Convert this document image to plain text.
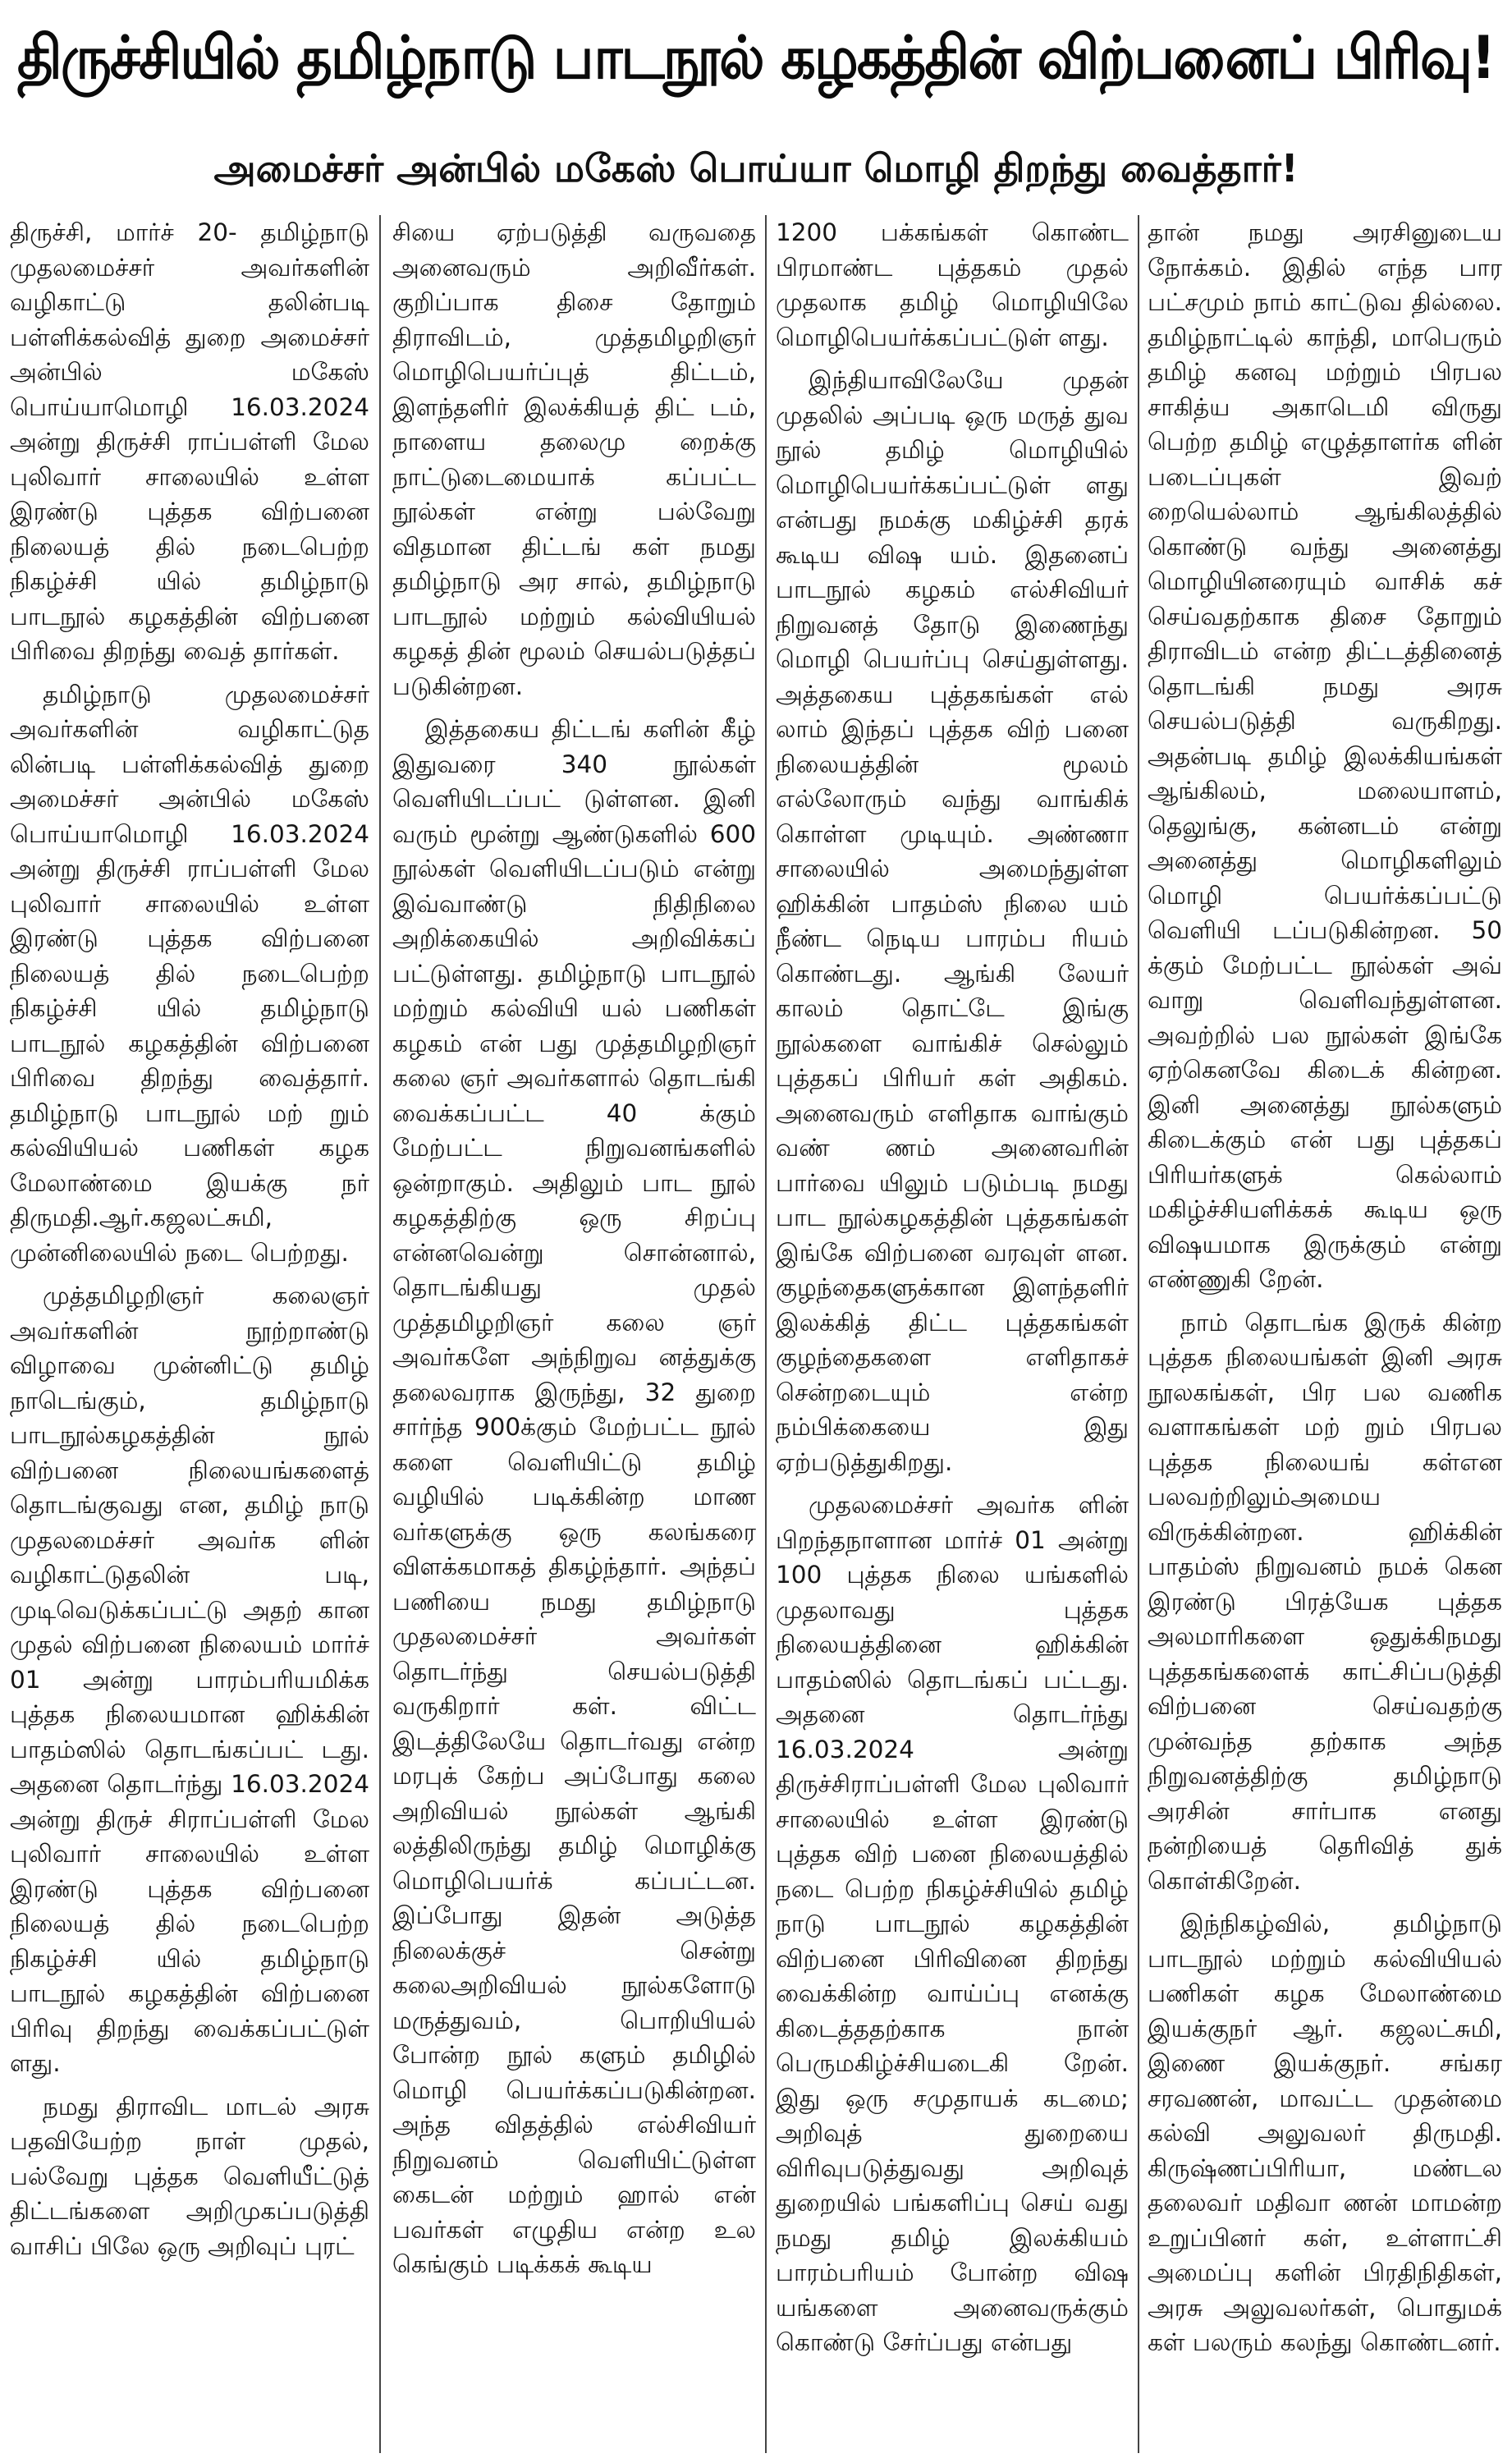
திருச்சியில் தமிழ்நாடு பாடநூல் கழகத்தின் விற்பனைப் பிரிவு!
அமைச்சர் அன்பில் மகேஸ் பொய்யா மொழி திறந்து வைத்தார்!

திருச்சி, மார்ச் 20- தமிழ்நாடு முதலமைச்சர் அவர்களின் வழிகாட்டு தலின்படி பள்ளிக்கல்வித் துறை அமைச்சர் அன்பில் மகேஸ் பொய்யாமொழி 16.03.2024 அன்று திருச்சி ராப்பள்ளி மேல புலிவார் சாலையில் உள்ள இரண்டு புத்தக விற்பனை நிலையத் தில் நடைபெற்ற நிகழ்ச்சி யில் தமிழ்நாடு பாடநூல் கழகத்தின் விற்பனை பிரிவை திறந்து வைத் தார்கள்.

தமிழ்நாடு முதலமைச்சர் அவர்களின் வழிகாட்டுத லின்படி பள்ளிக்கல்வித் துறை அமைச்சர் அன்பில் மகேஸ் பொய்யாமொழி 16.03.2024 அன்று திருச்சி ராப்பள்ளி மேல புலிவார் சாலையில் உள்ள இரண்டு புத்தக விற்பனை நிலையத் தில் நடைபெற்ற நிகழ்ச்சி யில் தமிழ்நாடு பாடநூல் கழகத்தின் விற்பனை பிரிவை திறந்து வைத்தார். தமிழ்நாடு பாடநூல் மற் றும் கல்வியியல் பணிகள் கழக மேலாண்மை இயக்கு நர் திருமதி.ஆர்.கஜலட்சுமி, முன்னிலையில் நடை பெற்றது.

முத்தமிழறிஞர் கலைஞர் அவர்களின் நூற்றாண்டு விழாவை முன்னிட்டு தமிழ் நாடெங்கும், தமிழ்நாடு பாடநூல்கழகத்தின் நூல் விற்பனை நிலையங்களைத் தொடங்குவது என, தமிழ் நாடு முதலமைச்சர் அவர்க ளின் வழிகாட்டுதலின் படி, முடிவெடுக்கப்பட்டு அதற் கான முதல் விற்பனை நிலையம் மார்ச் 01 அன்று பாரம்பரியமிக்க புத்தக நிலையமான ஹிக்கின் பாதம்ஸில் தொடங்கப்பட் டது. அதனை தொடர்ந்து 16.03.2024 அன்று திருச் சிராப்பள்ளி மேல புலிவார் சாலையில் உள்ள இரண்டு புத்தக விற்பனை நிலையத் தில் நடைபெற்ற நிகழ்ச்சி யில் தமிழ்நாடு பாடநூல் கழகத்தின் விற்பனை பிரிவு திறந்து வைக்கப்பட்டுள் ளது.

நமது திராவிட மாடல் அரசு பதவியேற்ற நாள் முதல், பல்வேறு புத்தக வெளியீட்டுத் திட்டங்களை அறிமுகப்படுத்தி வாசிப் பிலே ஒரு அறிவுப் புரட்

சியை ஏற்படுத்தி வருவதை அனைவரும் அறிவீர்கள். குறிப்பாக திசை தோறும் திராவிடம், முத்தமிழறிஞர் மொழிபெயர்ப்புத் திட்டம், இளந்தளிர் இலக்கியத் திட் டம், நாளைய தலைமு றைக்கு நாட்டுடைமையாக் கப்பட்ட நூல்கள் என்று பல்வேறு விதமான திட்டங் கள் நமது தமிழ்நாடு அர சால், தமிழ்நாடு பாடநூல் மற்றும் கல்வியியல் கழகத் தின் மூலம் செயல்படுத்தப் படுகின்றன.

இத்தகைய திட்டங் களின் கீழ் இதுவரை 340 நூல்கள் வெளியிடப்பட் டுள்ளன. இனி வரும் மூன்று ஆண்டுகளில் 600 நூல்கள் வெளியிடப்படும் என்று இவ்வாண்டு நிதிநிலை அறிக்கையில் அறிவிக்கப் பட்டுள்ளது. தமிழ்நாடு பாடநூல் மற்றும் கல்வியி யல் பணிகள் கழகம் என் பது முத்தமிழறிஞர் கலை ஞர் அவர்களால் தொடங்கி வைக்கப்பட்ட 40 க்கும் மேற்பட்ட நிறுவனங்களில் ஒன்றாகும். அதிலும் பாட நூல் கழகத்திற்கு ஒரு சிறப்பு என்னவென்று சொன்னால், தொடங்கியது முதல் முத்தமிழறிஞர் கலை ஞர் அவர்களே அந்நிறுவ னத்துக்கு தலைவராக இருந்து, 32 துறை சார்ந்த 900க்கும் மேற்பட்ட நூல் களை வெளியிட்டு தமிழ் வழியில் படிக்கின்ற மாண வர்களுக்கு ஒரு கலங்கரை விளக்கமாகத் திகழ்ந்தார். அந்தப் பணியை நமது தமிழ்நாடு முதலமைச்சர் அவர்கள் தொடர்ந்து செயல்படுத்தி வருகிறார் கள். விட்ட இடத்திலேயே தொடர்வது என்ற மரபுக் கேற்ப அப்போது கலை அறிவியல் நூல்கள் ஆங்கி லத்திலிருந்து தமிழ் மொழிக்கு மொழிபெயர்க் கப்பட்டன. இப்போது இதன் அடுத்த நிலைக்குச் சென்று கலைஅறிவியல் நூல்களோடு மருத்துவம், பொறியியல் போன்ற நூல் களும் தமிழில் மொழி பெயர்க்கப்படுகின்றன. அந்த விதத்தில் எல்சிவியர் நிறுவனம் வெளியிட்டுள்ள கைடன் மற்றும் ஹால் என் பவர்கள் எழுதிய என்ற உல கெங்கும் படிக்கக் கூடிய

1200 பக்கங்கள் கொண்ட பிரமாண்ட புத்தகம் முதல் முதலாக தமிழ் மொழியிலே மொழிபெயர்க்கப்பட்டுள் ளது.

இந்தியாவிலேயே முதன் முதலில் அப்படி ஒரு மருத் துவ நூல் தமிழ் மொழியில் மொழிபெயர்க்கப்பட்டுள் ளது என்பது நமக்கு மகிழ்ச்சி தரக் கூடிய விஷ யம். இதனைப் பாடநூல் கழகம் எல்சிவியர் நிறுவனத் தோடு இணைந்து மொழி பெயர்ப்பு செய்துள்ளது. அத்தகைய புத்தகங்கள் எல் லாம் இந்தப் புத்தக விற் பனை நிலையத்தின் மூலம் எல்லோரும் வந்து வாங்கிக் கொள்ள முடியும். அண்ணா சாலையில் அமைந்துள்ள ஹிக்கின் பாதம்ஸ் நிலை யம் நீண்ட நெடிய பாரம்ப ரியம் கொண்டது. ஆங்கி லேயர் காலம் தொட்டே இங்கு நூல்களை வாங்கிச் செல்லும் புத்தகப் பிரியர் கள் அதிகம். அனைவரும் எளிதாக வாங்கும் வண் ணம் அனைவரின் பார்வை யிலும் படும்படி நமது பாட நூல்கழகத்தின் புத்தகங்கள் இங்கே விற்பனை வரவுள் ளன. குழந்தைகளுக்கான இளந்தளிர் இலக்கித் திட்ட புத்தகங்கள் குழந்தைகளை எளிதாகச் சென்றடையும் என்ற நம்பிக்கையை இது ஏற்படுத்துகிறது.

முதலமைச்சர் அவர்க ளின் பிறந்தநாளான மார்ச் 01 அன்று 100 புத்தக நிலை யங்களில் முதலாவது புத்தக நிலையத்தினை ஹிக்கின் பாதம்ஸில் தொடங்கப் பட்டது. அதனை தொடர்ந்து 16.03.2024 அன்று திருச்சிராப்பள்ளி மேல புலிவார் சாலையில் உள்ள இரண்டு புத்தக விற் பனை நிலையத்தில் நடை பெற்ற நிகழ்ச்சியில் தமிழ் நாடு பாடநூல் கழகத்தின் விற்பனை பிரிவினை திறந்து வைக்கின்ற வாய்ப்பு எனக்கு கிடைத்ததற்காக நான் பெருமகிழ்ச்சியடைகி றேன். இது ஒரு சமுதாயக் கடமை; அறிவுத் துறையை விரிவுபடுத்துவது அறிவுத் துறையில் பங்களிப்பு செய் வது நமது தமிழ் இலக்கியம் பாரம்பரியம் போன்ற விஷ யங்களை அனைவருக்கும் கொண்டு சேர்ப்பது என்பது

தான் நமது அரசினுடைய நோக்கம். இதில் எந்த பார பட்சமும் நாம் காட்டுவ தில்லை. தமிழ்நாட்டில் காந்தி, மாபெரும் தமிழ் கனவு மற்றும் பிரபல சாகித்ய அகாடெமி விருது பெற்ற தமிழ் எழுத்தாளர்க ளின் படைப்புகள் இவற் றையெல்லாம் ஆங்கிலத்தில் கொண்டு வந்து அனைத்து மொழியினரையும் வாசிக் கச் செய்வதற்காக திசை தோறும் திராவிடம் என்ற திட்டத்தினைத் தொடங்கி நமது அரசு செயல்படுத்தி வருகிறது. அதன்படி தமிழ் இலக்கியங்கள் ஆங்கிலம், மலையாளம், தெலுங்கு, கன்னடம் என்று அனைத்து மொழிகளிலும் மொழி பெயர்க்கப்பட்டு வெளியி டப்படுகின்றன. 50 க்கும் மேற்பட்ட நூல்கள் அவ் வாறு வெளிவந்துள்ளன. அவற்றில் பல நூல்கள் இங்கே ஏற்கெனவே கிடைக் கின்றன. இனி அனைத்து நூல்களும் கிடைக்கும் என் பது புத்தகப் பிரியர்களுக் கெல்லாம் மகிழ்ச்சியளிக்கக் கூடிய ஒரு விஷயமாக இருக்கும் என்று எண்ணுகி றேன்.

நாம் தொடங்க இருக் கின்ற புத்தக நிலையங்கள் இனி அரசு நூலகங்கள், பிர பல வணிக வளாகங்கள் மற் றும் பிரபல புத்தக நிலையங் கள்என பலவற்றிலும்அமைய விருக்கின்றன. ஹிக்கின் பாதம்ஸ் நிறுவனம் நமக் கென இரண்டு பிரத்யேக புத்தக அலமாரிகளை ஒதுக்கிநமது புத்தகங்களைக் காட்சிப்படுத்தி விற்பனை செய்வதற்கு முன்வந்த தற்காக அந்த நிறுவனத்திற்கு தமிழ்நாடு அரசின் சார்பாக எனது நன்றியைத் தெரிவித் துக் கொள்கிறேன்.

இந்நிகழ்வில், தமிழ்நாடு பாடநூல் மற்றும் கல்வியியல் பணிகள் கழக மேலாண்மை இயக்குநர் ஆர். கஜலட்சுமி, இணை இயக்குநர். சங்கர சரவணன், மாவட்ட முதன்மை கல்வி அலுவலர் திருமதி. கிருஷ்ணப்பிரியா, மண்டல தலைவர் மதிவா ணன் மாமன்ற உறுப்பினர் கள், உள்ளாட்சி அமைப்பு களின் பிரதிநிதிகள், அரசு அலுவலர்கள், பொதுமக் கள் பலரும் கலந்து கொண்டனர்.
